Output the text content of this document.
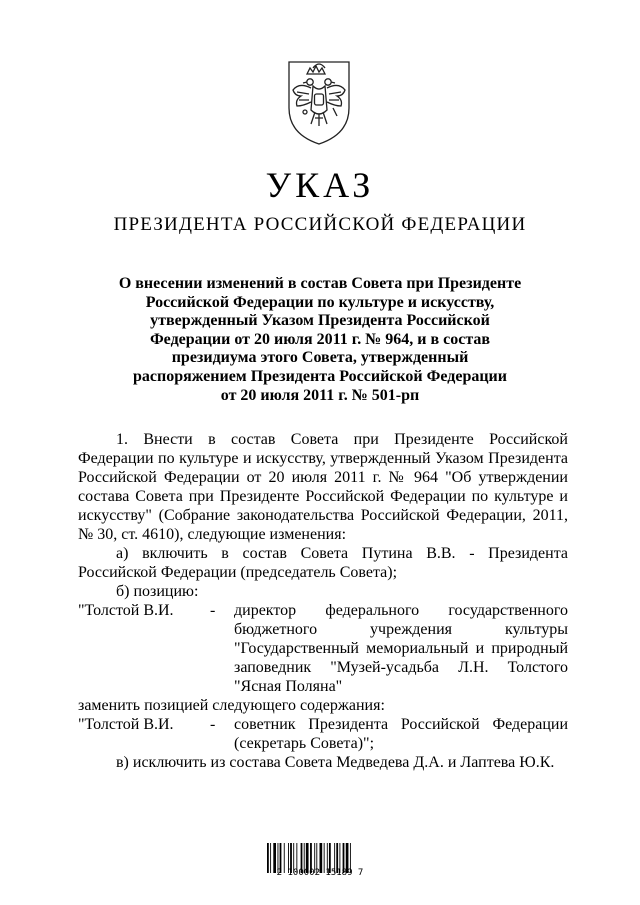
УКАЗ
ПРЕЗИДЕНТА РОССИЙСКОЙ ФЕДЕРАЦИИ
О внесении изменений в состав Совета при Президенте
Российской Федерации по культуре и искусству,
утвержденный Указом Президента Российской
Федерации от 20 июля 2011 г. № 964, и в состав
президиума этого Совета, утвержденный
распоряжением Президента Российской Федерации
от 20 июля 2011 г. № 501-рп

1. Внести в состав Совета при Президенте Российской Федерации по культуре и искусству, утвержденный Указом Президента Российской Федерации от 20 июля 2011 г. № 964 "Об утверждении состава Совета при Президенте Российской Федерации по культуре и искусству" (Собрание законодательства Российской Федерации, 2011, № 30, ст. 4610), следующие изменения:

а) включить в состав Совета Путина В.В. - Президента Российской Федерации (председатель Совета);

б) позицию:

"Толстой В.И.	-	директор федерального государственного бюджетного учреждения культуры "Государственный мемориальный и природный заповедник "Музей-усадьба Л.Н. Толстого "Ясная Поляна"

заменить позицией следующего содержания:

"Толстой В.И.	-	советник Президента Российской Федерации (секретарь Совета)";

в) исключить из состава Совета Медведева Д.А. и Лаптева Ю.К.

2 100002 15189 7
